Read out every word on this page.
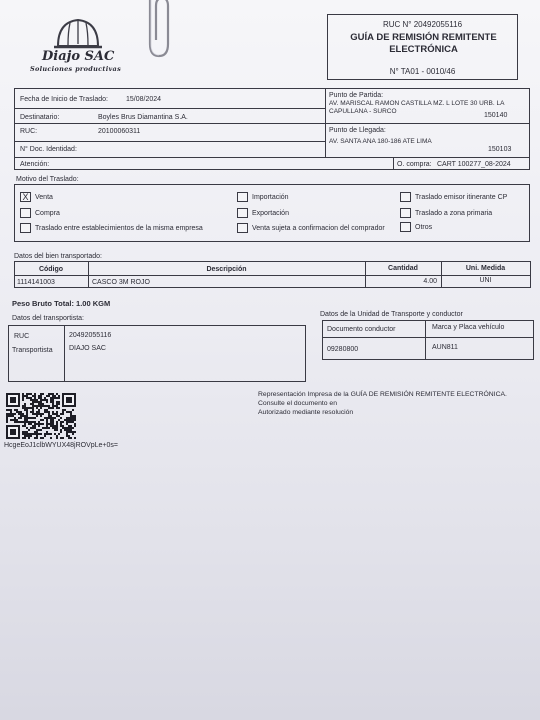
Diajo SAC
Soluciones productivas
RUC N° 20492055116
GUÍA DE REMISIÓN REMITENTE ELECTRÓNICA
N° TA01 - 0010/46
Fecha de Inicio de Traslado:	15/08/2024
Punto de Partida:
AV. MARISCAL RAMON CASTILLA MZ. L LOTE 30 URB. LA CAPULLANA - SURCO
150140
Destinatario:	Boyles Brus Diamantina S.A.
RUC:	20100060311	Punto de Llegada:
AV. SANTA ANA 180-186 ATE LIMA
150103
N° Doc. Identidad:
Atención:	O. compra: CART 100277_08-2024
Motivo del Traslado:
X Venta
Compra
Traslado entre establecimientos de la misma empresa
Importación
Exportación
Venta sujeta a confirmacion del comprador
Traslado emisor itinerante CP
Traslado a zona primaria
Otros
Datos del bien transportado:
Código	Descripción	Cantidad	Uni. Medida
1114141003	CASCO 3M ROJO	4.00	UNI
Peso Bruto Total: 1.00 KGM
Datos del transportista:
RUC	20492055116
Transportista DIAJO SAC
Datos de la Unidad de Transporte y conductor
Documento conductor	Marca y Placa vehículo
09280800	AUN811
HcgeEoJ1clbWYUX48jROVpLe+0s=
Representación Impresa de la GUÍA DE REMISIÓN REMITENTE ELECTRÓNICA.
Consulte el documento en
Autorizado mediante resolución
